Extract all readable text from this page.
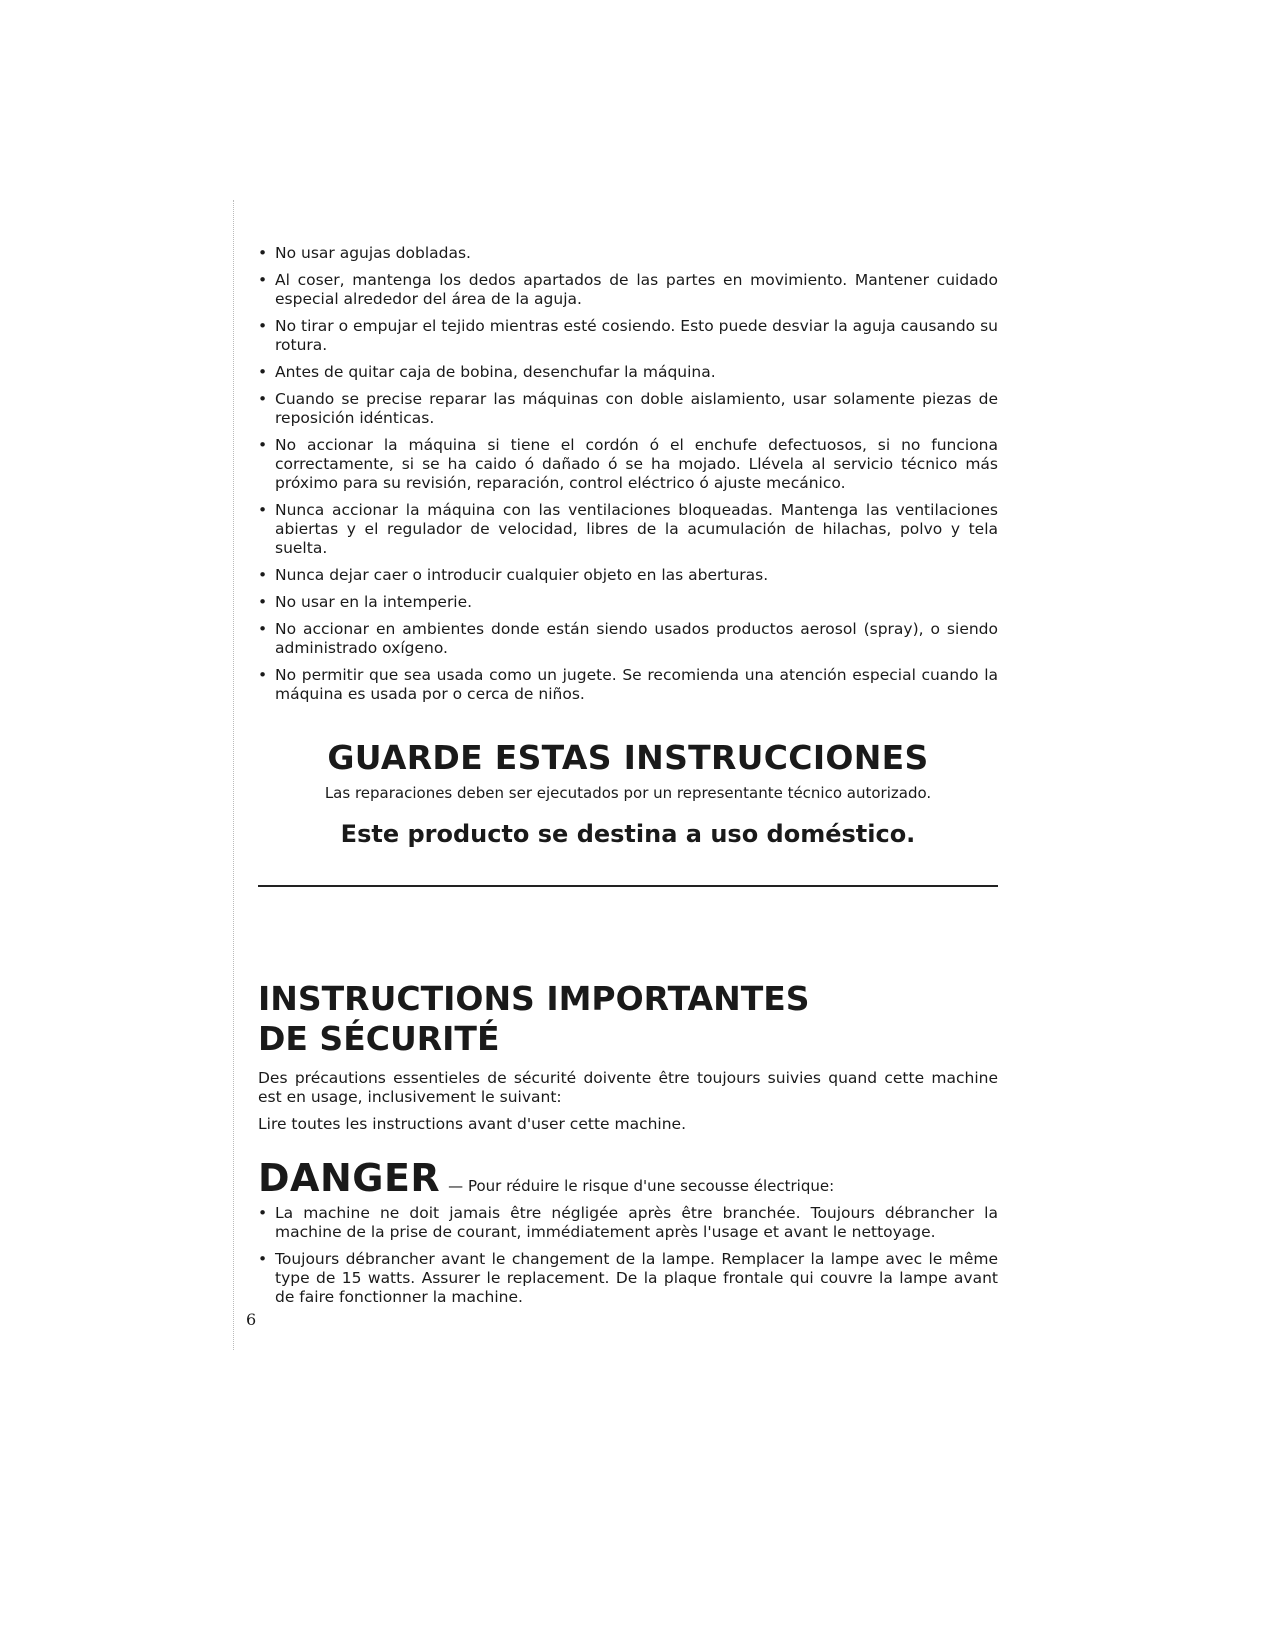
• No usar agujas dobladas.
• Al coser, mantenga los dedos apartados de las partes en movimiento. Mantener cuidado especial alrededor del área de la aguja.
• No tirar o empujar el tejido mientras esté cosiendo. Esto puede desviar la aguja causando su rotura.
• Antes de quitar caja de bobina, desenchufar la máquina.
• Cuando se precise reparar las máquinas con doble aislamiento, usar solamente piezas de reposición idénticas.
• No accionar la máquina si tiene el cordón ó el enchufe defectuosos, si no funciona correctamente, si se ha caido ó dañado ó se ha mojado. Llévela al servicio técnico más próximo para su revisión, reparación, control eléctrico ó ajuste mecánico.
• Nunca accionar la máquina con las ventilaciones bloqueadas. Mantenga las ventilaciones abiertas y el regulador de velocidad, libres de la acumulación de hilachas, polvo y tela suelta.
• Nunca dejar caer o introducir cualquier objeto en las aberturas.
• No usar en la intemperie.
• No accionar en ambientes donde están siendo usados productos aerosol (spray), o siendo administrado oxígeno.
• No permitir que sea usada como un jugete. Se recomienda una atención especial cuando la máquina es usada por o cerca de niños.
GUARDE ESTAS INSTRUCCIONES

Las reparaciones deben ser ejecutados por un representante técnico autorizado.

Este producto se destina a uso doméstico.
INSTRUCTIONS IMPORTANTES
DE SÉCURITÉ

Des précautions essentieles de sécurité doivente être toujours suivies quand cette machine est en usage, inclusivement le suivant:

Lire toutes les instructions avant d'user cette machine.

DANGER — Pour réduire le risque d'une secousse électrique:
• La machine ne doit jamais être négligée après être branchée. Toujours débrancher la machine de la prise de courant, immédiatement après l'usage et avant le nettoyage.
• Toujours débrancher avant le changement de la lampe. Remplacer la lampe avec le même type de 15 watts. Assurer le replacement. De la plaque frontale qui couvre la lampe avant de faire fonctionner la machine.
6
